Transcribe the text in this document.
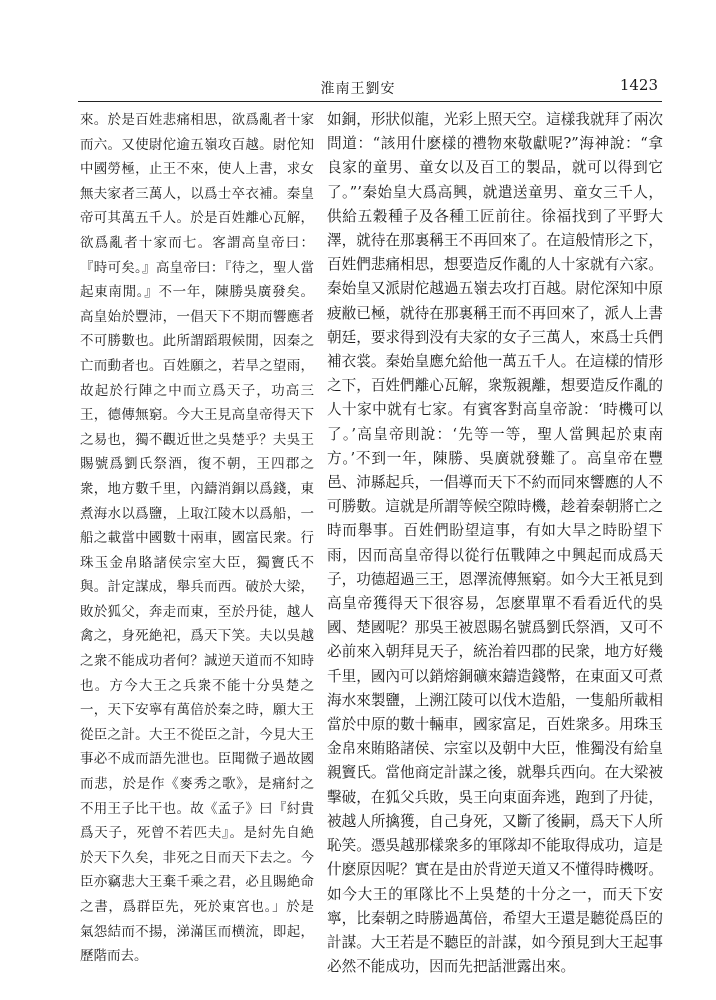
淮南王劉安	1423
來。於是百姓悲痛相思，欲爲亂者十家而六。又使尉佗逾五嶺攻百越。尉佗知中國勞極，止王不來，使人上書，求女無夫家者三萬人，以爲士卒衣補。秦皇帝可其萬五千人。於是百姓離心瓦解，欲爲亂者十家而七。客謂高皇帝曰：『時可矣。』高皇帝曰：『待之，聖人當起東南閒。』不一年，陳勝吳廣發矣。高皇始於豐沛，一倡天下不期而響應者不可勝數也。此所謂蹈瑕候閒，因秦之亡而動者也。百姓願之，若旱之望雨，故起於行陣之中而立爲天子，功高三王，德傳無窮。今大王見高皇帝得天下之易也，獨不觀近世之吳楚乎？夫吳王賜號爲劉氏祭酒，復不朝，王四郡之衆，地方數千里，內鑄消銅以爲錢，東煮海水以爲鹽，上取江陵木以爲船，一船之載當中國數十兩車，國富民衆。行珠玉金帛賂諸侯宗室大臣，獨竇氏不與。計定謀成，舉兵而西。破於大梁，敗於狐父，奔走而東，至於丹徒，越人禽之，身死絶祀，爲天下笑。夫以吳越之衆不能成功者何？誠逆天道而不知時也。方今大王之兵衆不能十分吳楚之一，天下安寧有萬倍於秦之時，願大王從臣之計。大王不從臣之計，今見大王事必不成而語先泄也。臣聞微子過故國而悲，於是作《麥秀之歌》，是痛紂之不用王子比干也。故《孟子》曰『紂貴爲天子，死曾不若匹夫』。是紂先自絶於天下久矣，非死之日而天下去之。今臣亦竊悲大王棄千乘之君，必且賜絶命之書，爲群臣先，死於東宮也。」於是氣怨結而不揚，涕滿匡而横流，即起，歷階而去。
如銅，形狀似龍，光彩上照天空。這樣我就拜了兩次問道：“該用什麽樣的禮物來敬獻呢?”海神說：“拿良家的童男、童女以及百工的製品，就可以得到它了。”’秦始皇大爲高興，就遣送童男、童女三千人，供給五穀種子及各種工匠前往。徐福找到了平野大澤，就待在那裏稱王不再回來了。在這般情形之下，百姓們悲痛相思，想要造反作亂的人十家就有六家。秦始皇又派尉佗越過五嶺去攻打百越。尉佗深知中原疲敝已極，就待在那裏稱王而不再回來了，派人上書朝廷，要求得到没有夫家的女子三萬人，來爲士兵們補衣裳。秦始皇應允給他一萬五千人。在這樣的情形之下，百姓們離心瓦解，衆叛親離，想要造反作亂的人十家中就有七家。有賓客對高皇帝說：‘時機可以了。’高皇帝則說：‘先等一等，聖人當興起於東南方。’不到一年，陳勝、吳廣就發難了。高皇帝在豐邑、沛縣起兵，一倡導而天下不約而同來響應的人不可勝數。這就是所謂等候空隙時機，趁着秦朝將亡之時而舉事。百姓們盼望這事，有如大旱之時盼望下雨，因而高皇帝得以從行伍戰陣之中興起而成爲天子，功德超過三王，恩澤流傳無窮。如今大王衹見到高皇帝獲得天下很容易，怎麽單單不看看近代的吳國、楚國呢？那吳王被恩賜名號爲劉氏祭酒，又可不必前來入朝拜見天子，統治着四郡的民衆，地方好幾千里，國內可以銷熔銅礦來鑄造錢幣，在東面又可煮海水來製鹽，上溯江陵可以伐木造船，一隻船所載相當於中原的數十輛車，國家富足，百姓衆多。用珠玉金帛來賄賂諸侯、宗室以及朝中大臣，惟獨没有給皇親竇氏。當他商定計謀之後，就舉兵西向。在大梁被擊破，在狐父兵敗，吳王向東面奔逃，跑到了丹徒，被越人所擒獲，自己身死，又斷了後嗣，爲天下人所恥笑。憑吳越那樣衆多的軍隊却不能取得成功，這是什麽原因呢？實在是由於背逆天道又不懂得時機呀。如今大王的軍隊比不上吳楚的十分之一，而天下安寧，比秦朝之時勝過萬倍，希望大王還是聽從爲臣的計謀。大王若是不聽臣的計謀，如今預見到大王起事必然不能成功，因而先把話泄露出來。
